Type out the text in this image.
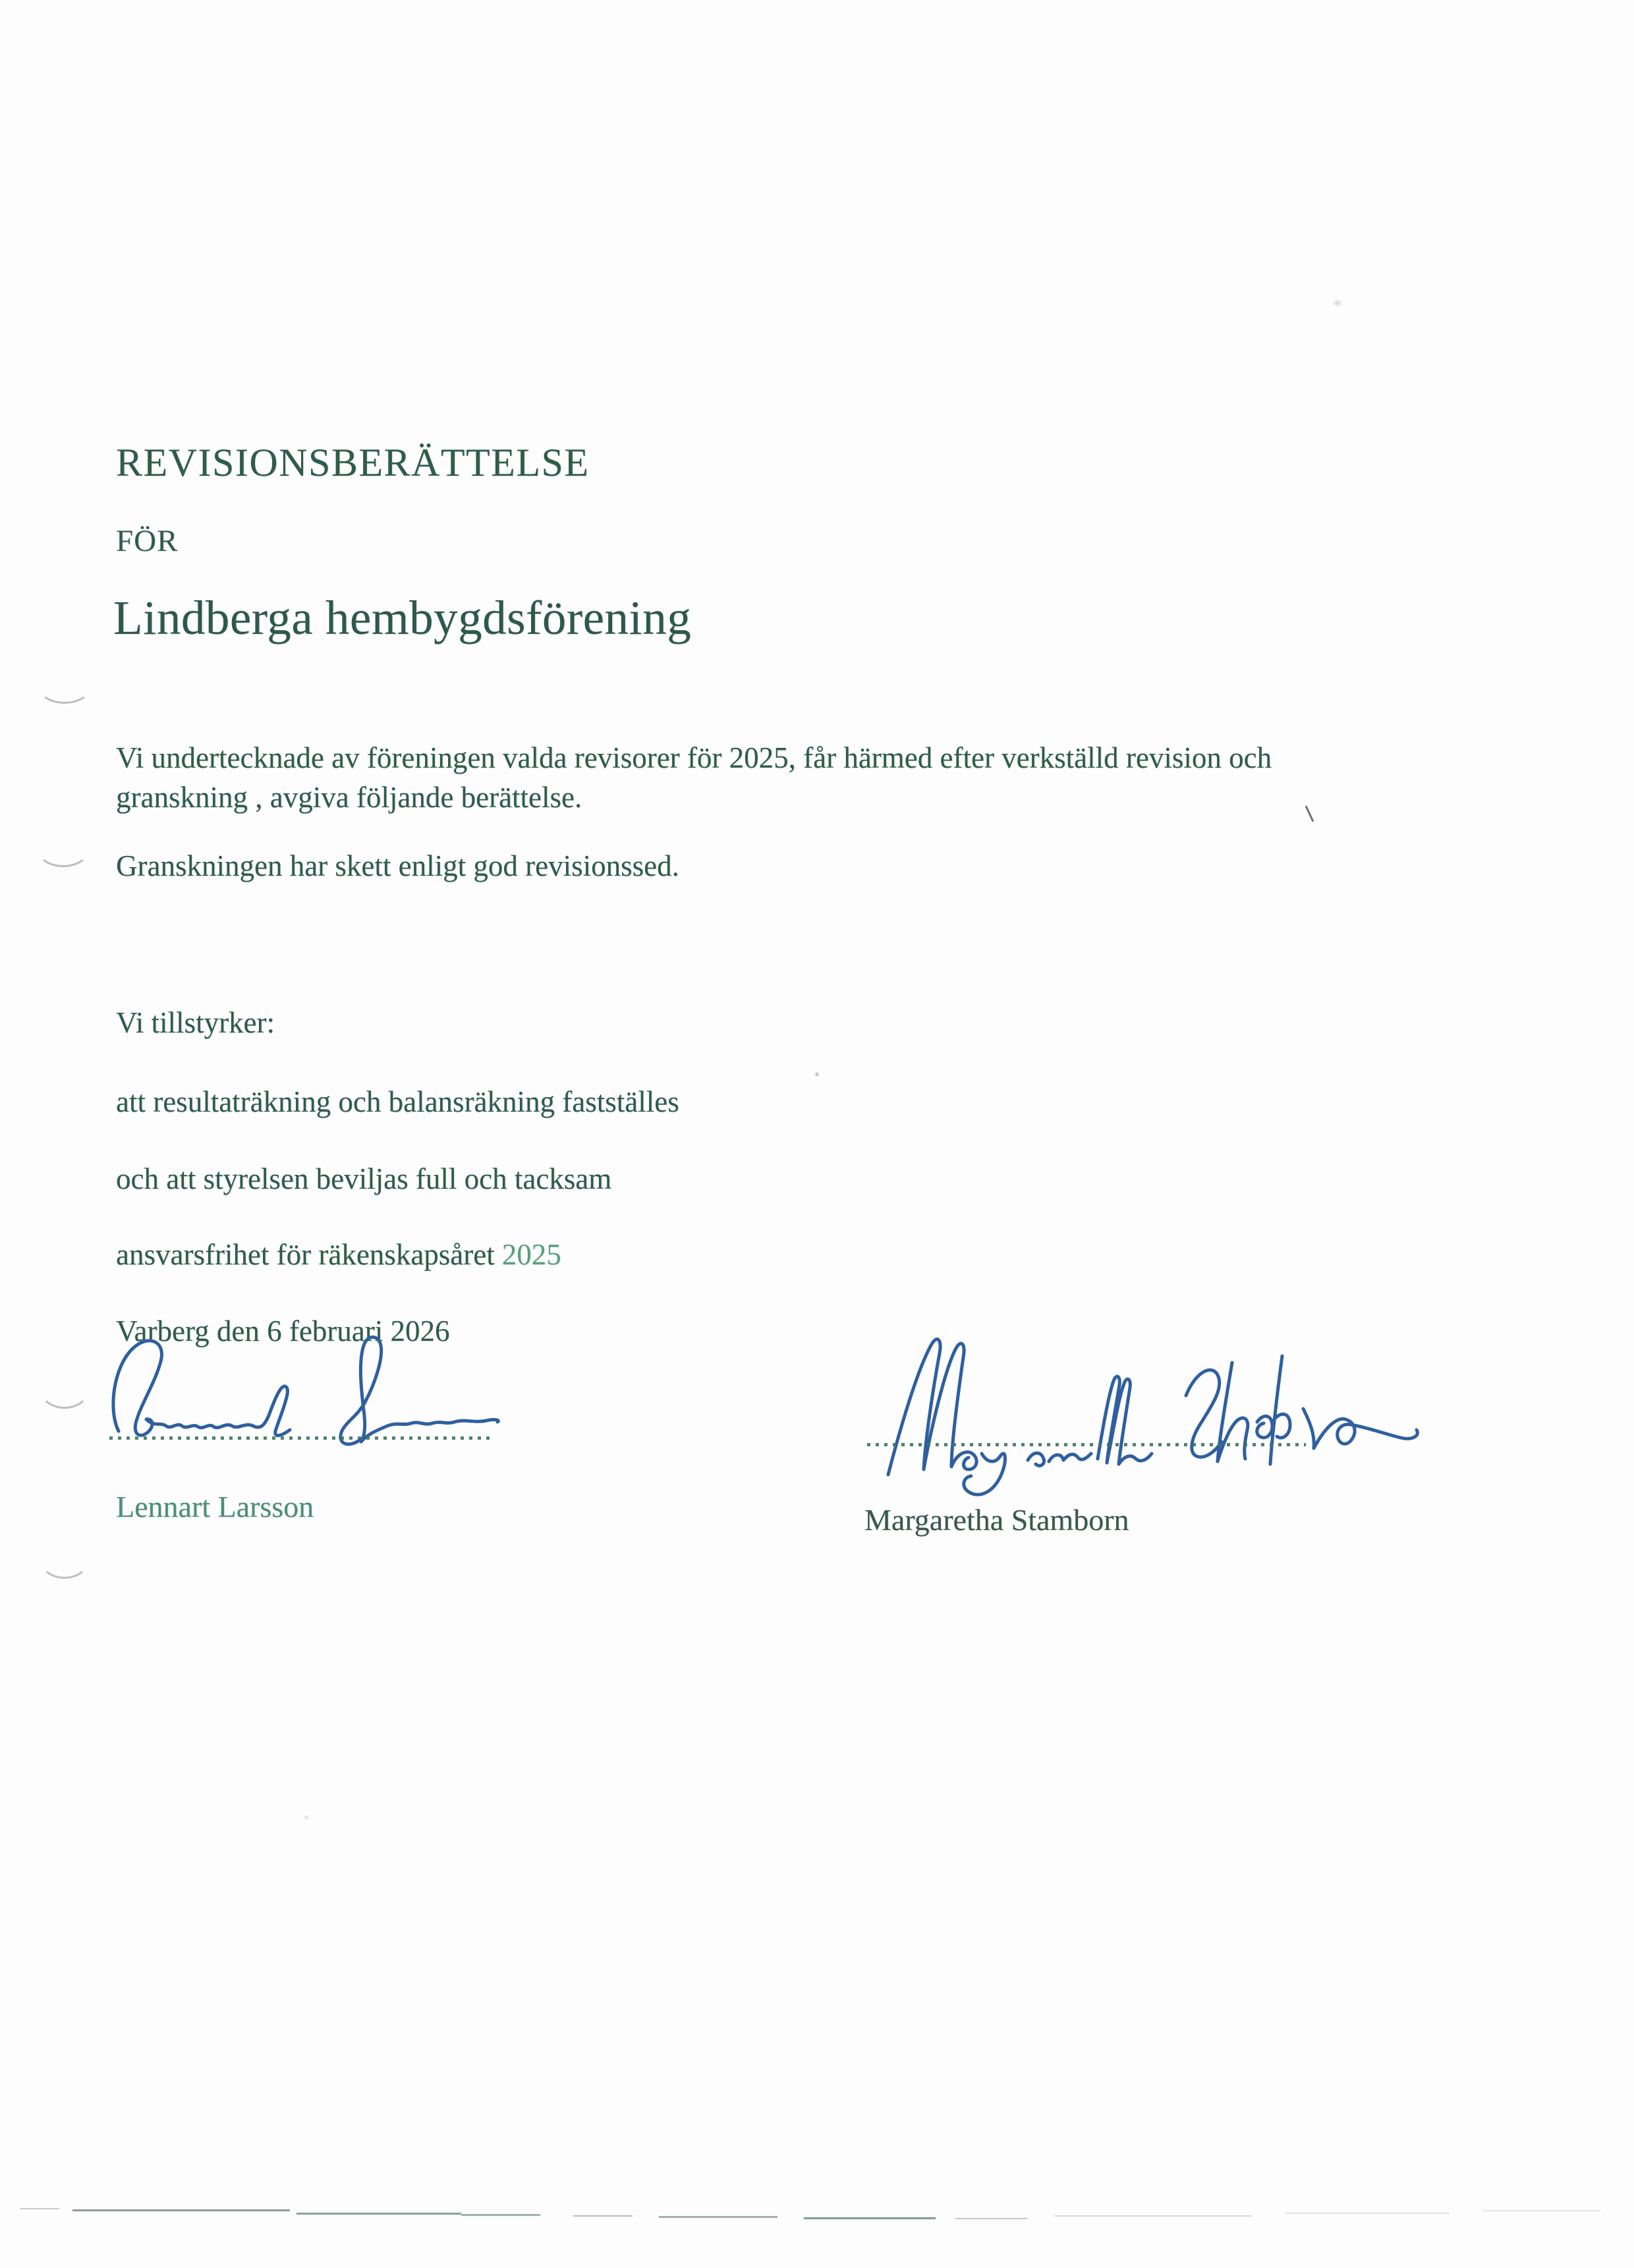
REVISIONSBERÄTTELSE
FÖR
Lindberga hembygdsförening
Vi undertecknade av föreningen valda revisorer för 2025, får härmed efter verkställd revision och
granskning , avgiva följande berättelse.
Granskningen har skett enligt god revisionssed.
Vi tillstyrker:
att resultaträkning och balansräkning fastställes
och att styrelsen beviljas full och tacksam
ansvarsfrihet för räkenskapsåret 2025
Varberg den 6 februari 2026
Lennart Larsson	Margaretha Stamborn
